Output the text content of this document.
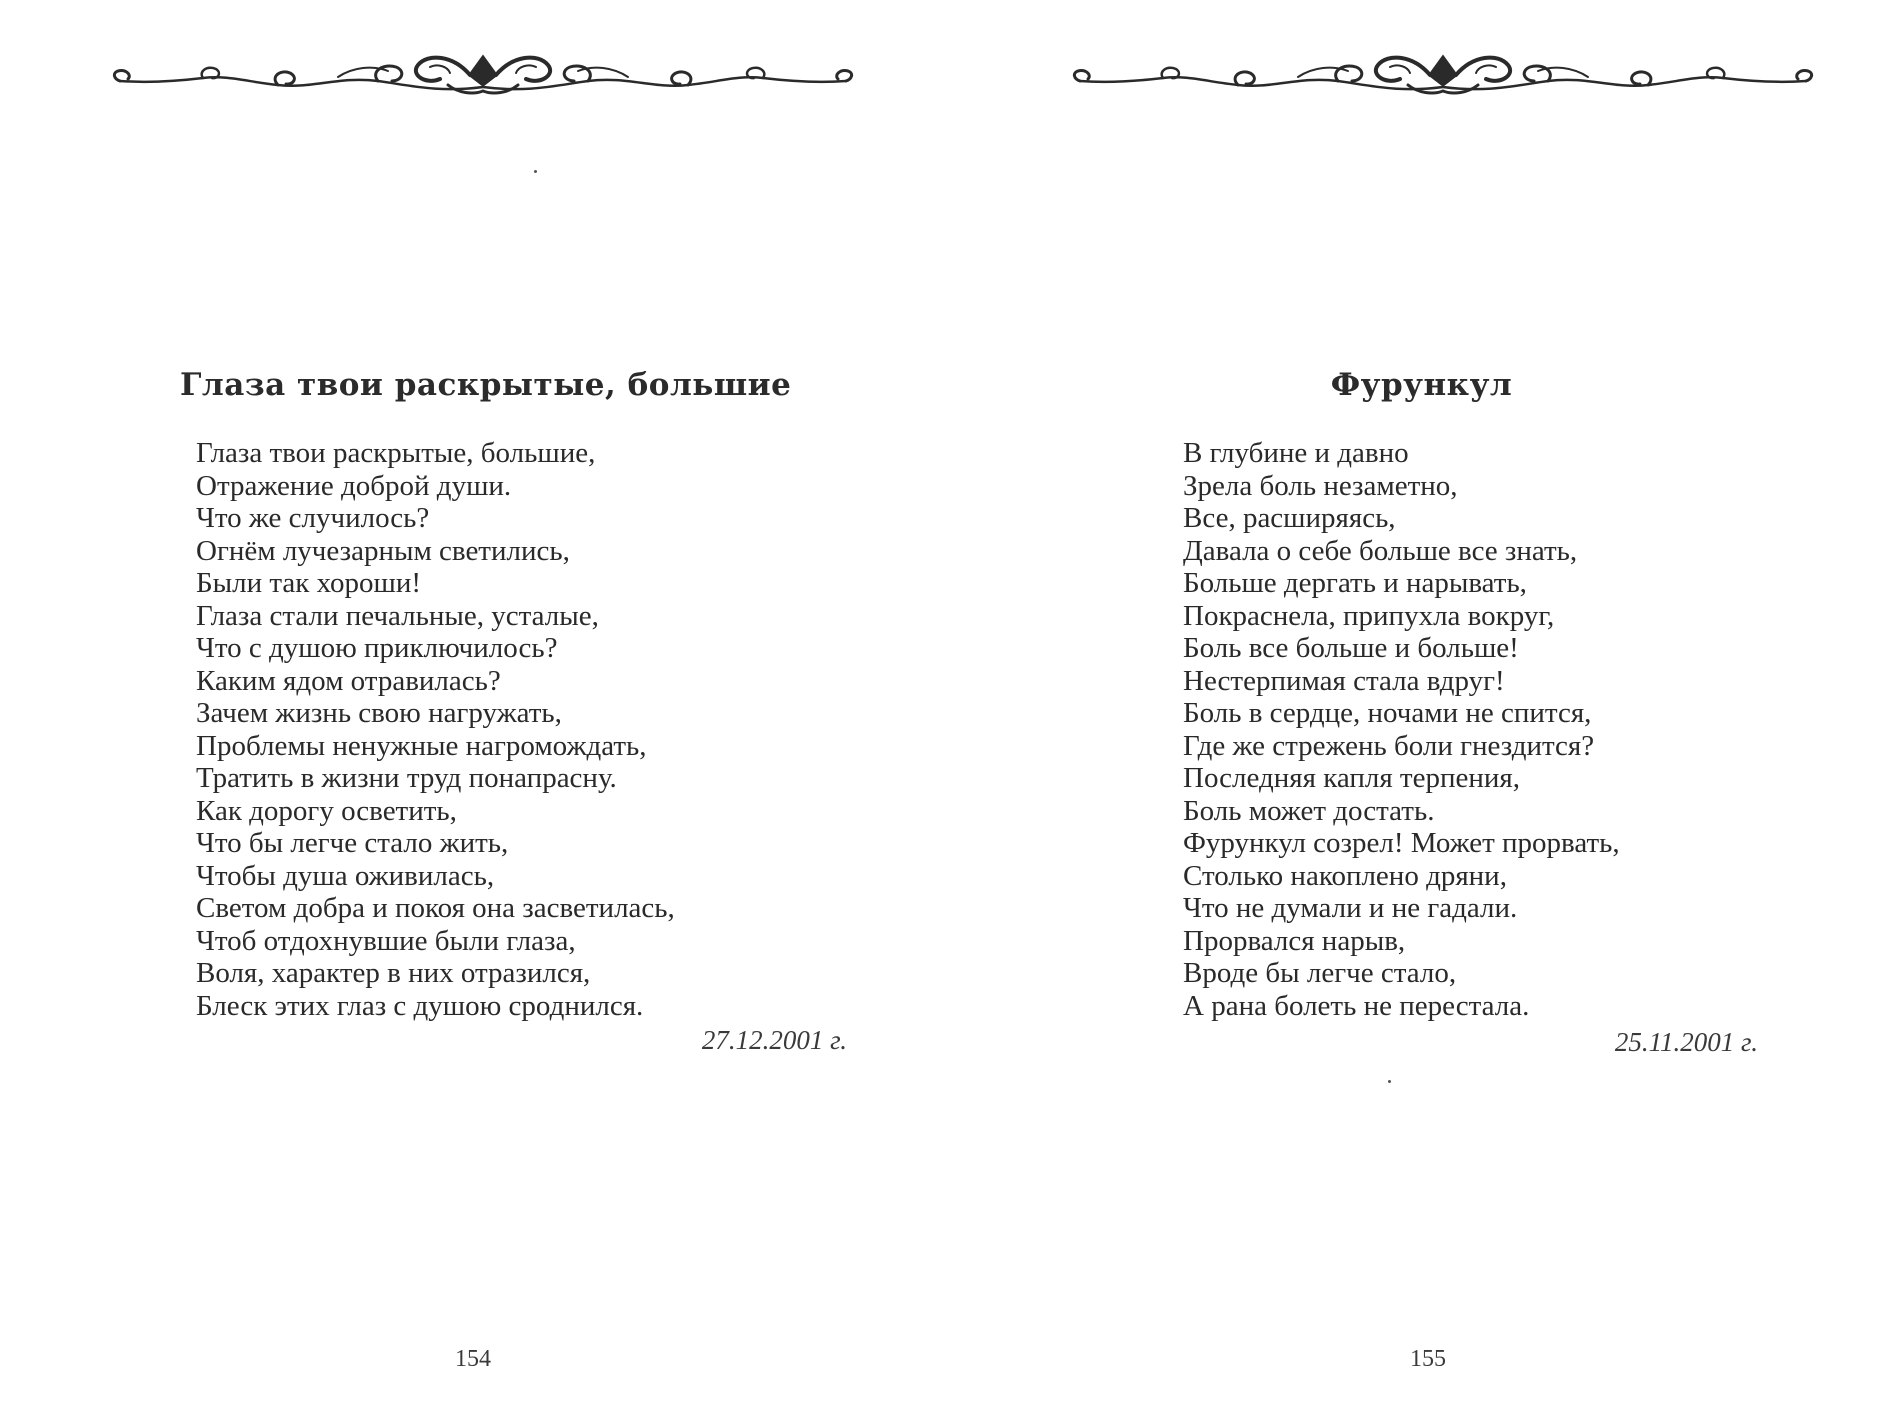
Глаза твои раскрытые, большие
Глаза твои раскрытые, большие,
Отражение доброй души.
Что же случилось?
Огнём лучезарным светились,
Были так хороши!
Глаза стали печальные, усталые,
Что с душою приключилось?
Каким ядом отравилась?
Зачем жизнь свою нагружать,
Проблемы ненужные нагромождать,
Тратить в жизни труд понапрасну.
Как дорогу осветить,
Что бы легче стало жить,
Чтобы душа оживилась,
Светом добра и покоя она засветилась,
Чтоб отдохнувшие были глаза,
Воля, характер в них отразился,
Блеск этих глаз с душою сроднился.
27.12.2001 г.
154
Фурункул
В глубине и давно
Зрела боль незаметно,
Все, расширяясь,
Давала о себе больше все знать,
Больше дергать и нарывать,
Покраснела, припухла вокруг,
Боль все больше и больше!
Нестерпимая стала вдруг!
Боль в сердце, ночами не спится,
Где же стрежень боли гнездится?
Последняя капля терпения,
Боль может достать.
Фурункул созрел! Может прорвать,
Столько накоплено дряни,
Что не думали и не гадали.
Прорвался нарыв,
Вроде бы легче стало,
А рана болеть не перестала.
25.11.2001 г.
155
